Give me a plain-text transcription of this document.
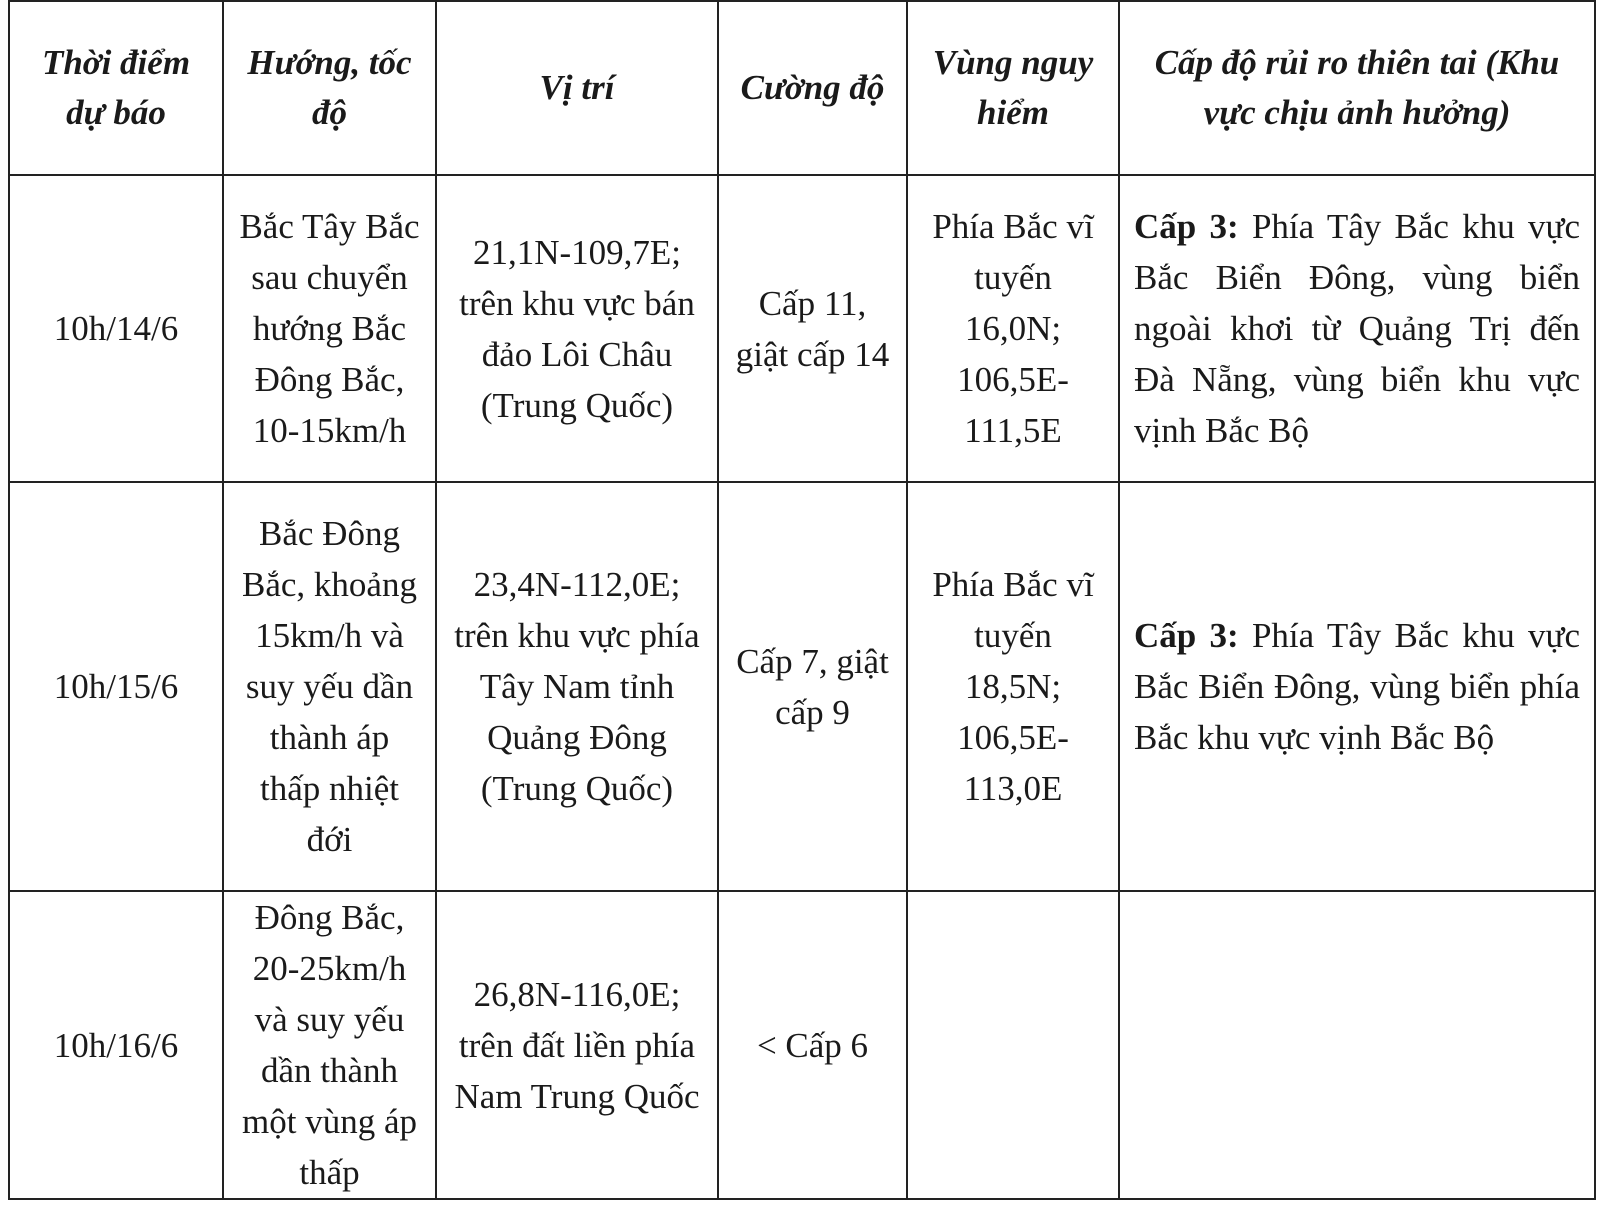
Thời điểm dự báo	Hướng, tốc độ	Vị trí	Cường độ	Vùng nguy hiểm	Cấp độ rủi ro thiên tai (Khu vực chịu ảnh hưởng)
10h/14/6	Bắc Tây Bắc sau chuyển hướng Bắc Đông Bắc, 10-15km/h	21,1N-109,7E; trên khu vực bán đảo Lôi Châu (Trung Quốc)	Cấp 11, giật cấp 14	Phía Bắc vĩ tuyến 16,0N; 106,5E-111,5E	Cấp 3: Phía Tây Bắc khu vực Bắc Biển Đông, vùng biển ngoài khơi từ Quảng Trị đến Đà Nẵng, vùng biển khu vực vịnh Bắc Bộ
10h/15/6	Bắc Đông Bắc, khoảng 15km/h và suy yếu dần thành áp thấp nhiệt đới	23,4N-112,0E; trên khu vực phía Tây Nam tỉnh Quảng Đông (Trung Quốc)	Cấp 7, giật cấp 9	Phía Bắc vĩ tuyến 18,5N; 106,5E-113,0E	Cấp 3: Phía Tây Bắc khu vực Bắc Biển Đông, vùng biển phía Bắc khu vực vịnh Bắc Bộ
10h/16/6	Đông Bắc, 20-25km/h và suy yếu dần thành một vùng áp thấp	26,8N-116,0E; trên đất liền phía Nam Trung Quốc	< Cấp 6		
